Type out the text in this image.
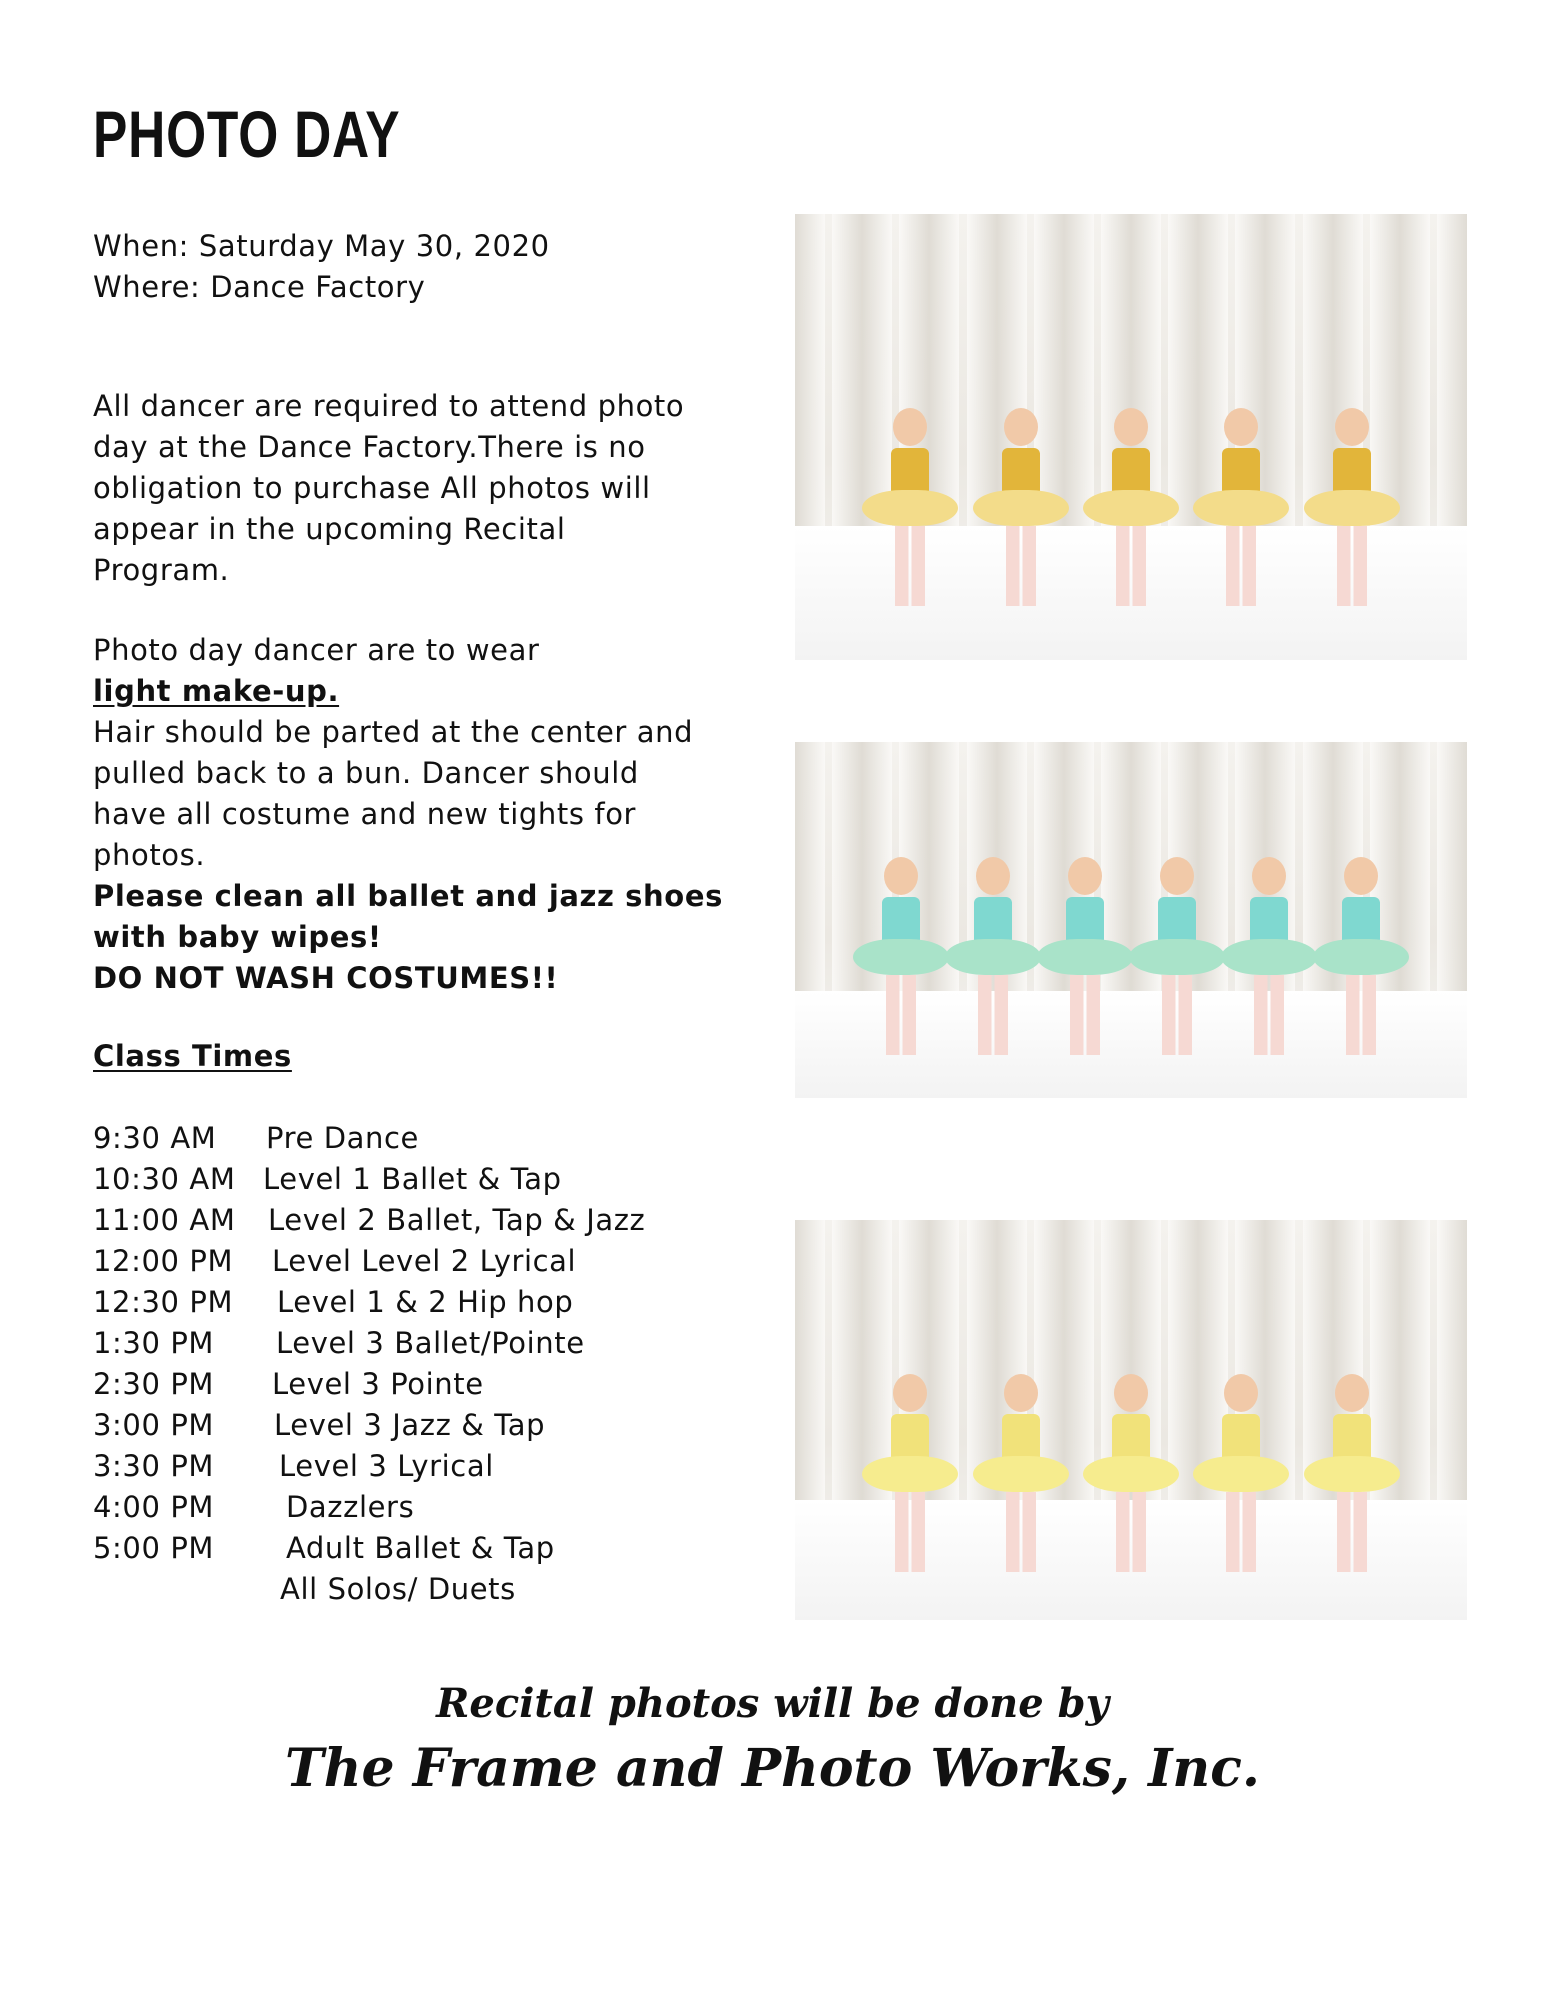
PHOTO DAY
When: Saturday May 30, 2020
Where: Dance Factory
All dancer are required to attend photo
day at the Dance Factory.There is no
obligation to purchase All photos will
appear in the upcoming Recital
Program.
Photo day dancer are to wear
light make-up.
Hair should be parted at the center and
pulled back to a bun. Dancer should
have all costume and new tights for
photos.
Please clean all ballet and jazz shoes
with baby wipes!
DO NOT WASH COSTUMES!!
Class Times
9:30 AM Pre Dance
10:30 AM Level 1 Ballet & Tap
11:00 AM Level 2 Ballet, Tap & Jazz
12:00 PM Level Level 2 Lyrical
12:30 PM Level 1 & 2 Hip hop
1:30 PM Level 3 Ballet/Pointe
2:30 PM Level 3 Pointe
3:00 PM Level 3 Jazz & Tap
3:30 PM Level 3 Lyrical
4:00 PM Dazzlers
5:00 PM Adult Ballet & Tap
All Solos/ Duets
Recital photos will be done by
The Frame and Photo Works, Inc.
